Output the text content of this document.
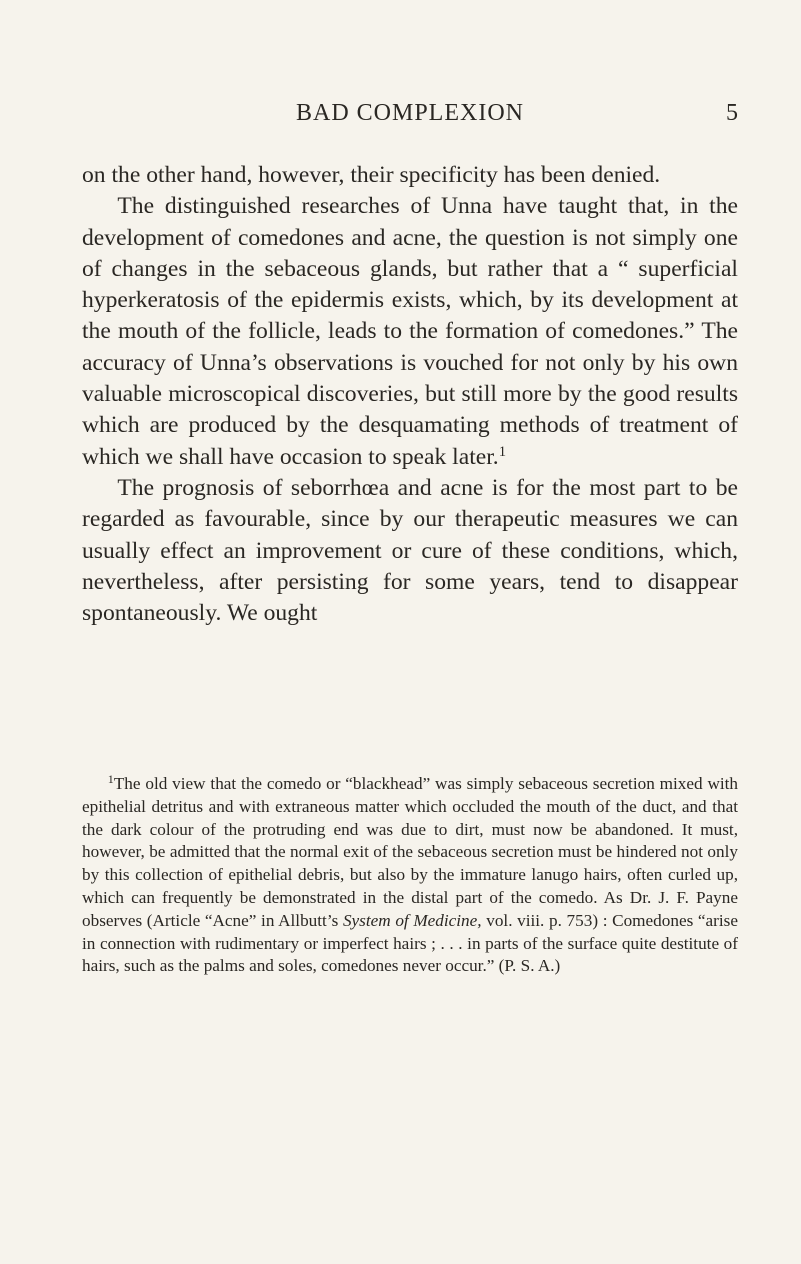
BAD COMPLEXION	5

on the other hand, however, their specificity has been denied.

The distinguished researches of Unna have taught that, in the development of comedones and acne, the question is not simply one of changes in the sebaceous glands, but rather that a “ superficial hyperkeratosis of the epidermis exists, which, by its development at the mouth of the follicle, leads to the formation of comedones.” The accuracy of Unna’s observations is vouched for not only by his own valuable microscopical discoveries, but still more by the good results which are produced by the desquamating methods of treatment of which we shall have occasion to speak later.$^1$

The prognosis of seborrhœa and acne is for the most part to be regarded as favourable, since by our therapeutic measures we can usually effect an improvement or cure of these conditions, which, nevertheless, after persisting for some years, tend to disappear spontaneously. We ought

$^1$The old view that the comedo or “blackhead” was simply sebaceous secretion mixed with epithelial detritus and with extraneous matter which occluded the mouth of the duct, and that the dark colour of the protruding end was due to dirt, must now be abandoned. It must, however, be admitted that the normal exit of the sebaceous secretion must be hindered not only by this collection of epithelial debris, but also by the immature lanugo hairs, often curled up, which can frequently be demonstrated in the distal part of the comedo. As Dr. J. F. Payne observes (Article “Acne” in Allbutt’s System of Medicine, vol. viii. p. 753) : Comedones “arise in connection with rudimentary or imperfect hairs ; . . . in parts of the surface quite destitute of hairs, such as the palms and soles, comedones never occur.” (P. S. A.)
